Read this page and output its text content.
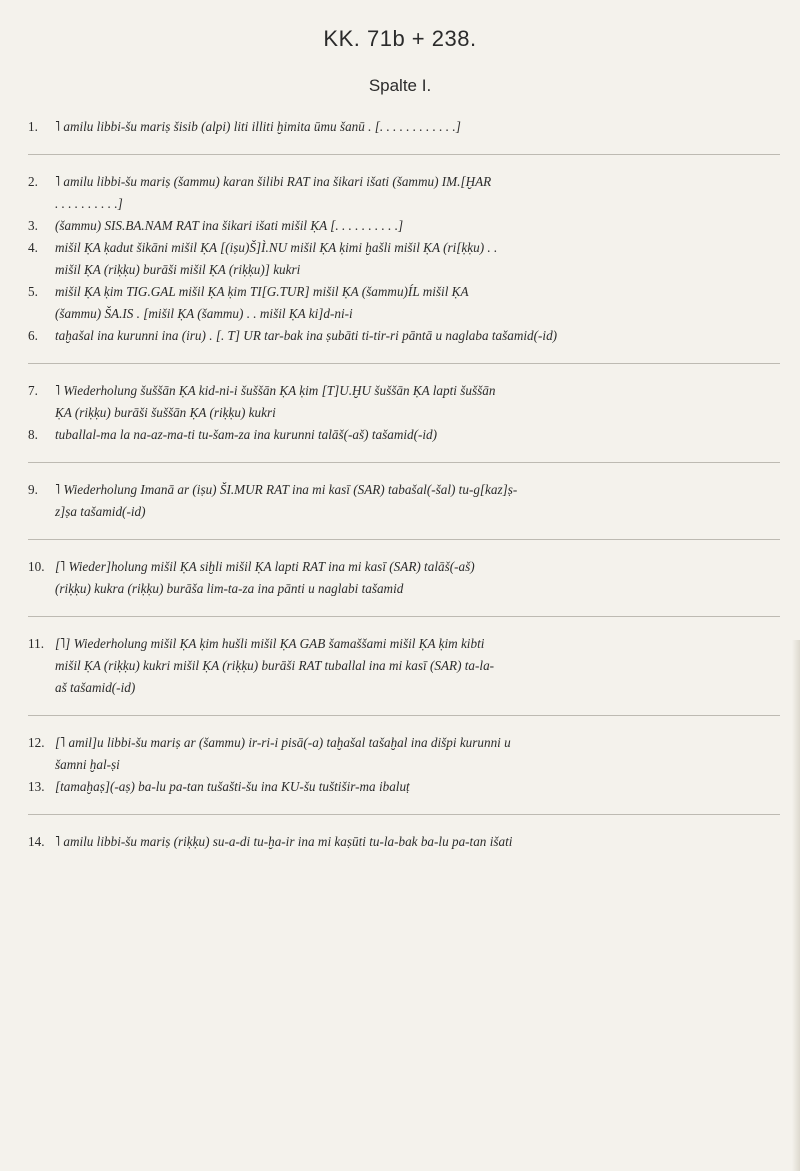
KK. 71b + 238.
Spalte I.
1. ˥ amilu libbi-šu mariṣ šisib (alpi) liti illiti ḫimita ūmu šanū . [. . . . . . . . . . . .]
2. ˥ amilu libbi-šu mariṣ (šammu) karan šilibi RAT ina šikari išati (šammu) IM.[ḪAR
. . . . . . . . . .]
3. (šammu) SIS.BA.NAM RAT ina šikari išati mišil ḲA [. . . . . . . . . .]
4. mišil ḲA ḳadut šikāni mišil ḲA [(iṣu)Š]Ì.NU mišil ḲA ḳimi ḫašli mišil ḲA (ri[ḳḳu) . .
mišil ḲA (riḳḳu) burāši mišil ḲA (riḳḳu)] kukri
5. mišil ḲA ḳim TIG.GAL mišil ḲA ḳim TI[G.TUR] mišil ḲA (šammu)ÍL mišil ḲA
(šammu) ŠA.IS . [mišil ḲA (šammu) . . mišil ḲA ki]d-ni-i
6. taḫašal ina kurunni ina (iru) . [. T] UR tar-bak ina ṣubāti ti-tir-ri pāntā u naglaba tašamid(-id)
7. ˥ Wiederholung šuššān ḲA kid-ni-i šuššān ḲA ḳim [T]U.ḪU šuššān ḲA lapti šuššān
ḲA (riḳḳu) burāši šuššān ḲA (riḳḳu) kukri
8. tuballal-ma la na-az-ma-ti tu-šam-za ina kurunni talāš(-aš) tašamid(-id)
9. ˥ Wiederholung Imanā ar (iṣu) ŠI.MUR RAT ina mi kasī (SAR) tabašal(-šal) tu-g[kaz]ṣ-
z]ṣa tašamid(-id)
10. [˥ Wieder]holung mišil ḲA siḫli mišil ḲA lapti RAT ina mi kasī (SAR) talāš(-aš)
(riḳḳu) kukra (riḳḳu) burāša lim-ta-za ina pānti u naglabi tašamid
11. [˥] Wiederholung mišil ḲA ḳim hušli mišil ḲA GAB šamaššami mišil ḲA ḳim kibti
mišil ḲA (riḳḳu) kukri mišil ḲA (riḳḳu) burāši RAT tuballal ina mi kasī (SAR) ta-la-
aš tašamid(-id)
12. [˥ amil]u libbi-šu mariṣ ar (šammu) ir-ri-i pisā(-a) taḫašal tašaḫal ina dišpi kurunni u
šamni ḫal-ṣi
13. [tamaḫaṣ](-aṣ) ba-lu pa-tan tušašti-šu ina KU-šu tuštišir-ma ibaluṭ
14. ˥ amilu libbi-šu mariṣ (riḳḳu) su-a-di tu-ḫa-ir ina mi kaṣūti tu-la-bak ba-lu pa-tan išati
